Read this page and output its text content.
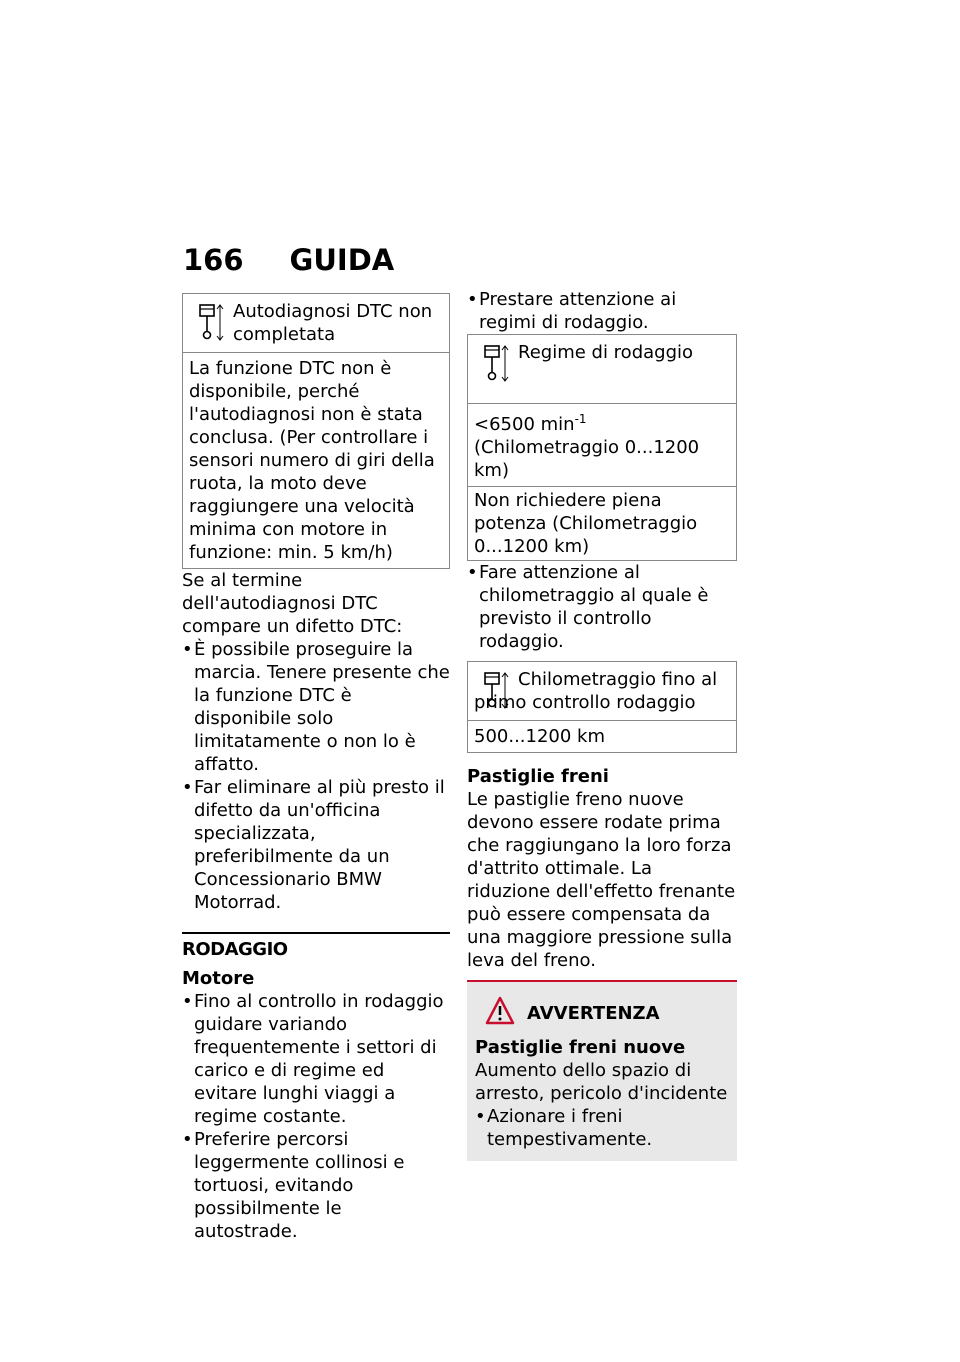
166 GUIDA
Autodiagnosi DTC non completata
La funzione DTC non è disponibile, perché l'autodiagnosi non è stata conclusa. (Per controllare i sensori numero di giri della ruota, la moto deve raggiungere una velocità minima con motore in funzione: min. 5 km/h)

Se al termine dell'autodiagnosi DTC compare un difetto DTC:

• È possibile proseguire la marcia. Tenere presente che la funzione DTC è disponibile solo limitatamente o non lo è affatto.
• Far eliminare al più presto il difetto da un'officina specializzata, preferibilmente da un Concessionario BMW Motorrad.

RODAGGIO

Motore

• Fino al controllo in rodaggio guidare variando frequentemente i settori di carico e di regime ed evitare lunghi viaggi a regime costante.
• Preferire percorsi leggermente collinosi e tortuosi, evitando possibilmente le autostrade.
• Prestare attenzione ai regimi di rodaggio.
Regime di rodaggio
<6500 $\min^{-1}$ (Chilometraggio 0...1200 km)
Non richiedere piena potenza (Chilometraggio 0...1200 km)
• Fare attenzione al chilometraggio al quale è previsto il controllo rodaggio.
Chilometraggio fino al primo controllo rodaggio
500...1200 km

Pastiglie freni

Le pastiglie freno nuove devono essere rodate prima che raggiungano la loro forza d'attrito ottimale. La riduzione dell'effetto frenante può essere compensata da una maggiore pressione sulla leva del freno.

AVVERTENZA

Pastiglie freni nuove

Aumento dello spazio di arresto, pericolo d'incidente

• Azionare i freni tempestivamente.
